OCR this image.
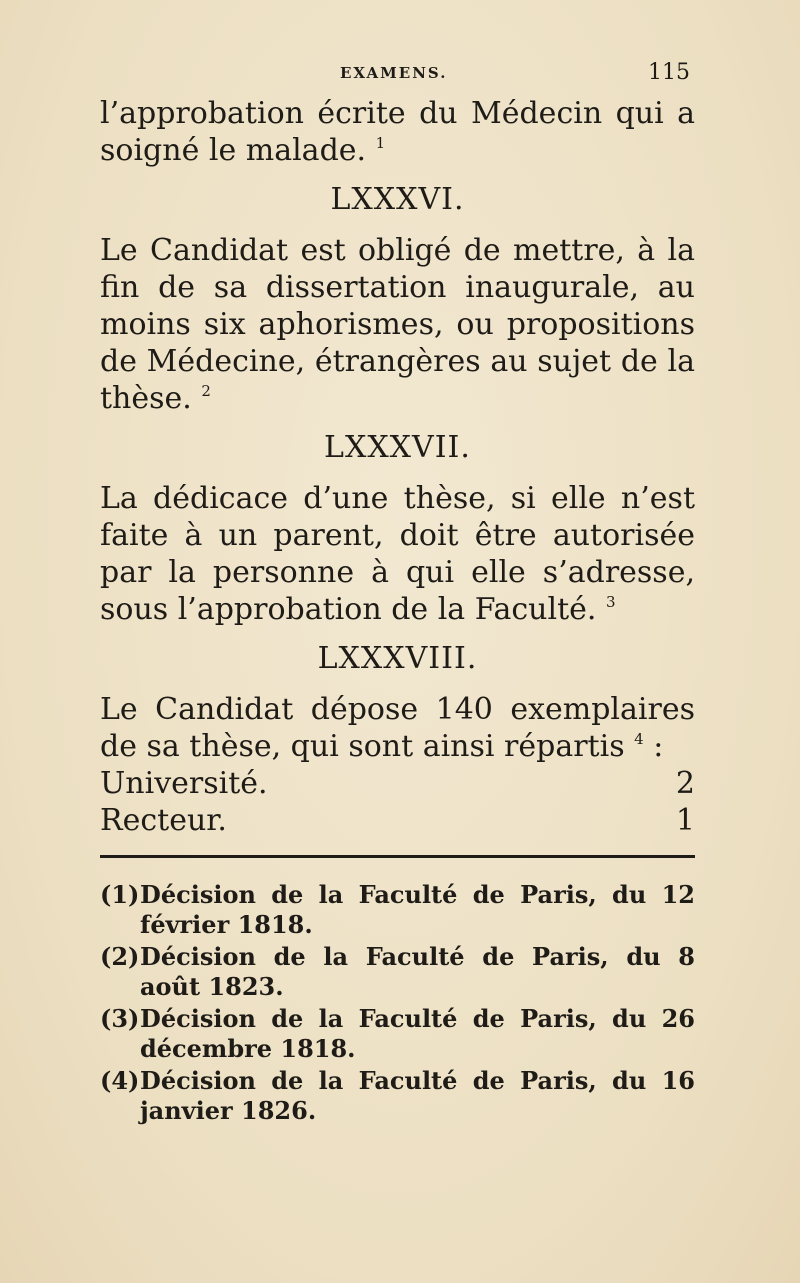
EXAMENS.	115

l’approbation écrite du Médecin qui a soigné le malade. $^1$

LXXXVI.

Le Candidat est obligé de mettre, à la fin de sa dissertation inaugurale, au moins six aphorismes, ou propositions de Médecine, étrangères au sujet de la thèse. $^2$

LXXXVII.

La dédicace d’une thèse, si elle n’est faite à un parent, doit être autorisée par la personne à qui elle s’adresse, sous l’approbation de la Faculté. $^3$

LXXXVIII.

Le Candidat dépose 140 exemplaires de sa thèse, qui sont ainsi répartis $^4$ :

Université.	2
Recteur.	1
(1) Décision de la Faculté de Paris, du 12 février 1818.
(2) Décision de la Faculté de Paris, du 8 août 1823.
(3) Décision de la Faculté de Paris, du 26 décembre 1818.
(4) Décision de la Faculté de Paris, du 16 janvier 1826.
